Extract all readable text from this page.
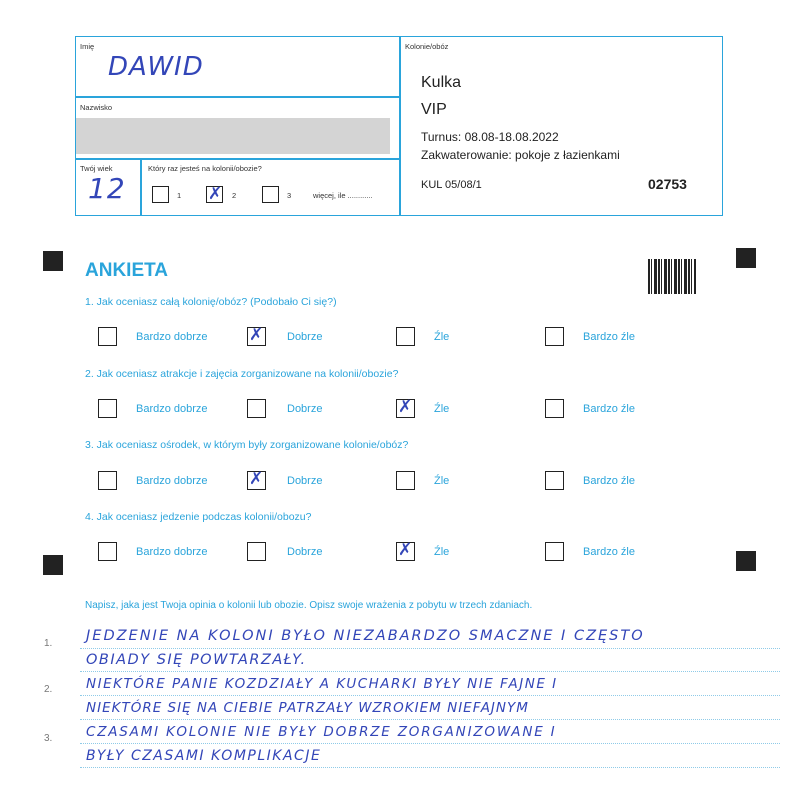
Imię
DAWID
Nazwisko
Twój wiek
12
Który raz jesteś na kolonii/obozie?
1 ✗ 2	3	więcej, ile ............
Kolonie/obóz
Kulka
VIP
Turnus: 08.08-18.08.2022
Zakwaterowanie: pokoje z łazienkami
KUL 05/08/1	02753
ANKIETA
1. Jak oceniasz całą kolonię/obóz? (Podobało Ci się?)
Bardzo dobrze ✗ Dobrze	Źle	Bardzo źle
2. Jak oceniasz atrakcje i zajęcia zorganizowane na kolonii/obozie?
Bardzo dobrze	Dobrze	✗ Źle	Bardzo źle
3. Jak oceniasz ośrodek, w którym były zorganizowane kolonie/obóz?
Bardzo dobrze ✗ Dobrze	Źle	Bardzo źle
4. Jak oceniasz jedzenie podczas kolonii/obozu?
Bardzo dobrze	Dobrze	✗ Źle	Bardzo źle
Napisz, jaka jest Twoja opinia o kolonii lub obozie. Opisz swoje wrażenia z pobytu w trzech zdaniach.
1.
2.
3.
JEDZENIE NA KOLONI BYŁO NIEZABARDZO SMACZNE I CZĘSTO
OBIADY SIĘ POWTARZAŁY.
NIEKTÓRE PANIE KOZDZIAŁY A KUCHARKI BYŁY NIE FAJNE I
NIEKTÓRE SIĘ NA CIEBIE PATRZAŁY WZROKIEM NIEFAJNYM
CZASAMI KOLONIE NIE BYŁY DOBRZE ZORGANIZOWANE I
BYŁY CZASAMI KOMPLIKACJE
